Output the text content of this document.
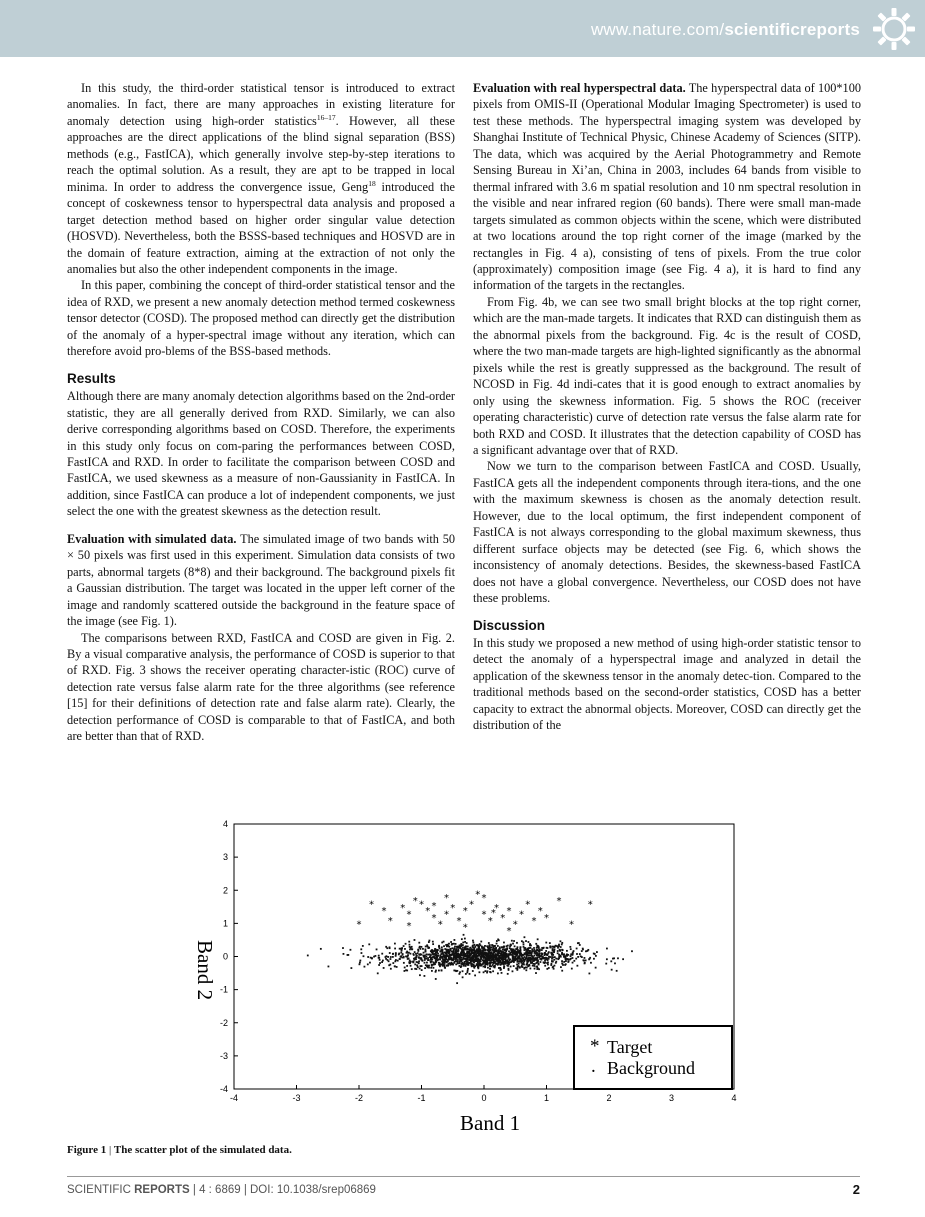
www.nature.com/scientificreports

In this study, the third-order statistical tensor is introduced to extract anomalies. In fact, there are many approaches in existing literature for anomaly detection using high-order statistics$^{16-17}$. However, all these approaches are the direct applications of the blind signal separation (BSS) methods (e.g., FastICA), which generally involve step-by-step iterations to reach the optimal solution. As a result, they are apt to be trapped in local minima. In order to address the convergence issue, Geng$^{18}$ introduced the concept of coskewness tensor to hyperspectral data analysis and proposed a target detection method based on higher order singular value detection (HOSVD). Nevertheless, both the BSSS-based techniques and HOSVD are in the domain of feature extraction, aiming at the extraction of not only the anomalies but also the other independent components in the image.

In this paper, combining the concept of third-order statistical tensor and the idea of RXD, we present a new anomaly detection method termed coskewness tensor detector (COSD). The proposed method can directly get the distribution of the anomaly of a hyper-spectral image without any iteration, which can therefore avoid pro-blems of the BSS-based methods.

Results

Although there are many anomaly detection algorithms based on the 2nd-order statistic, they are all generally derived from RXD. Similarly, we can also derive corresponding algorithms based on COSD. Therefore, the experiments in this study only focus on com-paring the performances between COSD, FastICA and RXD. In order to facilitate the comparison between COSD and FastICA, we used skewness as a measure of non-Gaussianity in FastICA. In addition, since FastICA can produce a lot of independent components, we just select the one with the greatest skewness as the detection result.

Evaluation with simulated data. The simulated image of two bands with 50 × 50 pixels was first used in this experiment. Simulation data consists of two parts, abnormal targets (8*8) and their background. The background pixels fit a Gaussian distribution. The target was located in the upper left corner of the image and randomly scattered outside the background in the feature space of the image (see Fig. 1).

The comparisons between RXD, FastICA and COSD are given in Fig. 2. By a visual comparative analysis, the performance of COSD is superior to that of RXD. Fig. 3 shows the receiver operating character-istic (ROC) curve of detection rate versus false alarm rate for the three algorithms (see reference [15] for their definitions of detection rate and false alarm rate). Clearly, the detection performance of COSD is comparable to that of FastICA, and both are better than that of RXD.

Evaluation with real hyperspectral data. The hyperspectral data of 100*100 pixels from OMIS-II (Operational Modular Imaging Spectrometer) is used to test these methods. The hyperspectral imaging system was developed by Shanghai Institute of Technical Physic, Chinese Academy of Sciences (SITP). The data, which was acquired by the Aerial Photogrammetry and Remote Sensing Bureau in Xi’an, China in 2003, includes 64 bands from visible to thermal infrared with 3.6 m spatial resolution and 10 nm spectral resolution in the visible and near infrared region (60 bands). There were small man-made targets simulated as common objects within the scene, which were distributed at two locations around the top right corner of the image (marked by the rectangles in Fig. 4 a), consisting of tens of pixels. From the true color (approximately) composition image (see Fig. 4 a), it is hard to find any information of the targets in the rectangles.

From Fig. 4b, we can see two small bright blocks at the top right corner, which are the man-made targets. It indicates that RXD can distinguish them as the abnormal pixels from the background. Fig. 4c is the result of COSD, where the two man-made targets are high-lighted significantly as the abnormal pixels while the rest is greatly suppressed as the background. The result of NCOSD in Fig. 4d indi-cates that it is good enough to extract anomalies by only using the skewness information. Fig. 5 shows the ROC (receiver operating characteristic) curve of detection rate versus the false alarm rate for both RXD and COSD. It illustrates that the detection capability of COSD has a significant advantage over that of RXD.

Now we turn to the comparison between FastICA and COSD. Usually, FastICA gets all the independent components through itera-tions, and the one with the maximum skewness is chosen as the anomaly detection result. However, due to the local optimum, the first independent component of FastICA is not always corresponding to the global maximum skewness, thus different surface objects may be detected (see Fig. 6, which shows the inconsistency of anomaly detections. Besides, the skewness-based FastICA does not have a global convergence. Nevertheless, our COSD does not have these problems.

Discussion

In this study we proposed a new method of using high-order statistic tensor to detect the anomaly of a hyperspectral image and analyzed in detail the application of the skewness tensor in the anomaly detec-tion. Compared to the traditional methods based on the second-order statistics, COSD has a better capacity to extract the abnormal objects. Moreover, COSD can directly get the distribution of the

*
*
*
*
*
*
* *
*
*
*
*
*
*
*
*
*
*
*
*
*
*
*
*
*
*
*
*
*
*
*
*
*	*
*
*
*
*
-4	-3	-2	-1	0	1	2	3	4
-4
-3
-2
-1
0
1
2
3
4
Band 2
Band 1
* Target
. Background
Figure 1 | The scatter plot of the simulated data.
SCIENTIFIC REPORTS | 4 : 6869 | DOI: 10.1038/srep06869	2
